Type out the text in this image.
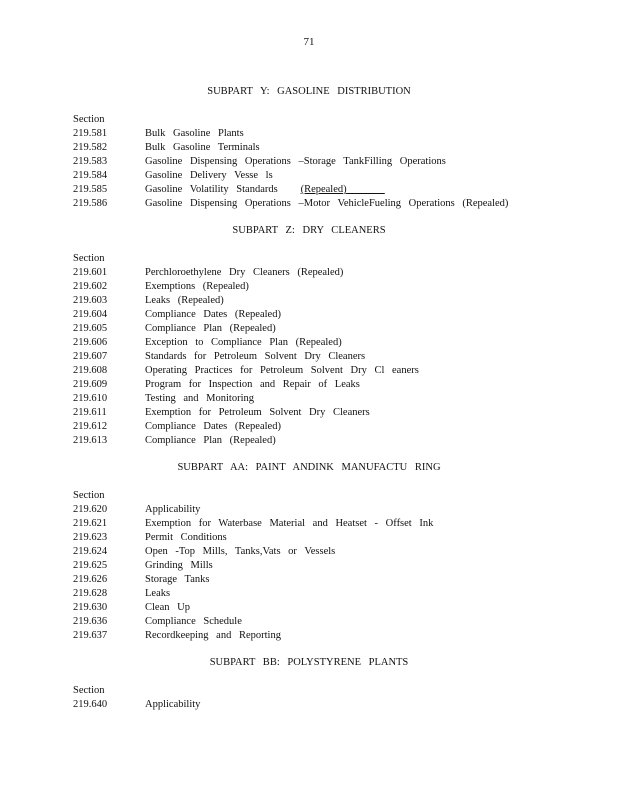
71
SUBPART Y: GASOLINE DISTRIBUTION
Section
219.581	Bulk Gasoline Plants
219.582	Bulk Gasoline Terminals
219.583	Gasoline Dispensing Operations –Storage TankFilling Operations
219.584	Gasoline Delivery Vesse ls
219.585	Gasoline Volatility Standards (Repealed)
219.586	Gasoline Dispensing Operations –Motor VehicleFueling Operations (Repealed)
SUBPART Z: DRY CLEANERS
Section
219.601	Perchloroethylene Dry Cleaners (Repealed)
219.602	Exemptions (Repealed)
219.603	Leaks (Repealed)
219.604	Compliance Dates (Repealed)
219.605	Compliance Plan (Repealed)
219.606	Exception to Compliance Plan (Repealed)
219.607	Standards for Petroleum Solvent Dry Cleaners
219.608	Operating Practices for Petroleum Solvent Dry Cl eaners
219.609	Program for Inspection and Repair of Leaks
219.610	Testing and Monitoring
219.611	Exemption for Petroleum Solvent Dry Cleaners
219.612	Compliance Dates (Repealed)
219.613	Compliance Plan (Repealed)
SUBPART AA: PAINT ANDINK MANUFACTU RING
Section
219.620	Applicability
219.621	Exemption for Waterbase Material and Heatset - Offset Ink
219.623	Permit Conditions
219.624	Open -Top Mills, Tanks,Vats or Vessels
219.625	Grinding Mills
219.626	Storage Tanks
219.628	Leaks
219.630	Clean Up
219.636	Compliance Schedule
219.637	Recordkeeping and Reporting
SUBPART BB: POLYSTYRENE PLANTS
Section
219.640	Applicability
